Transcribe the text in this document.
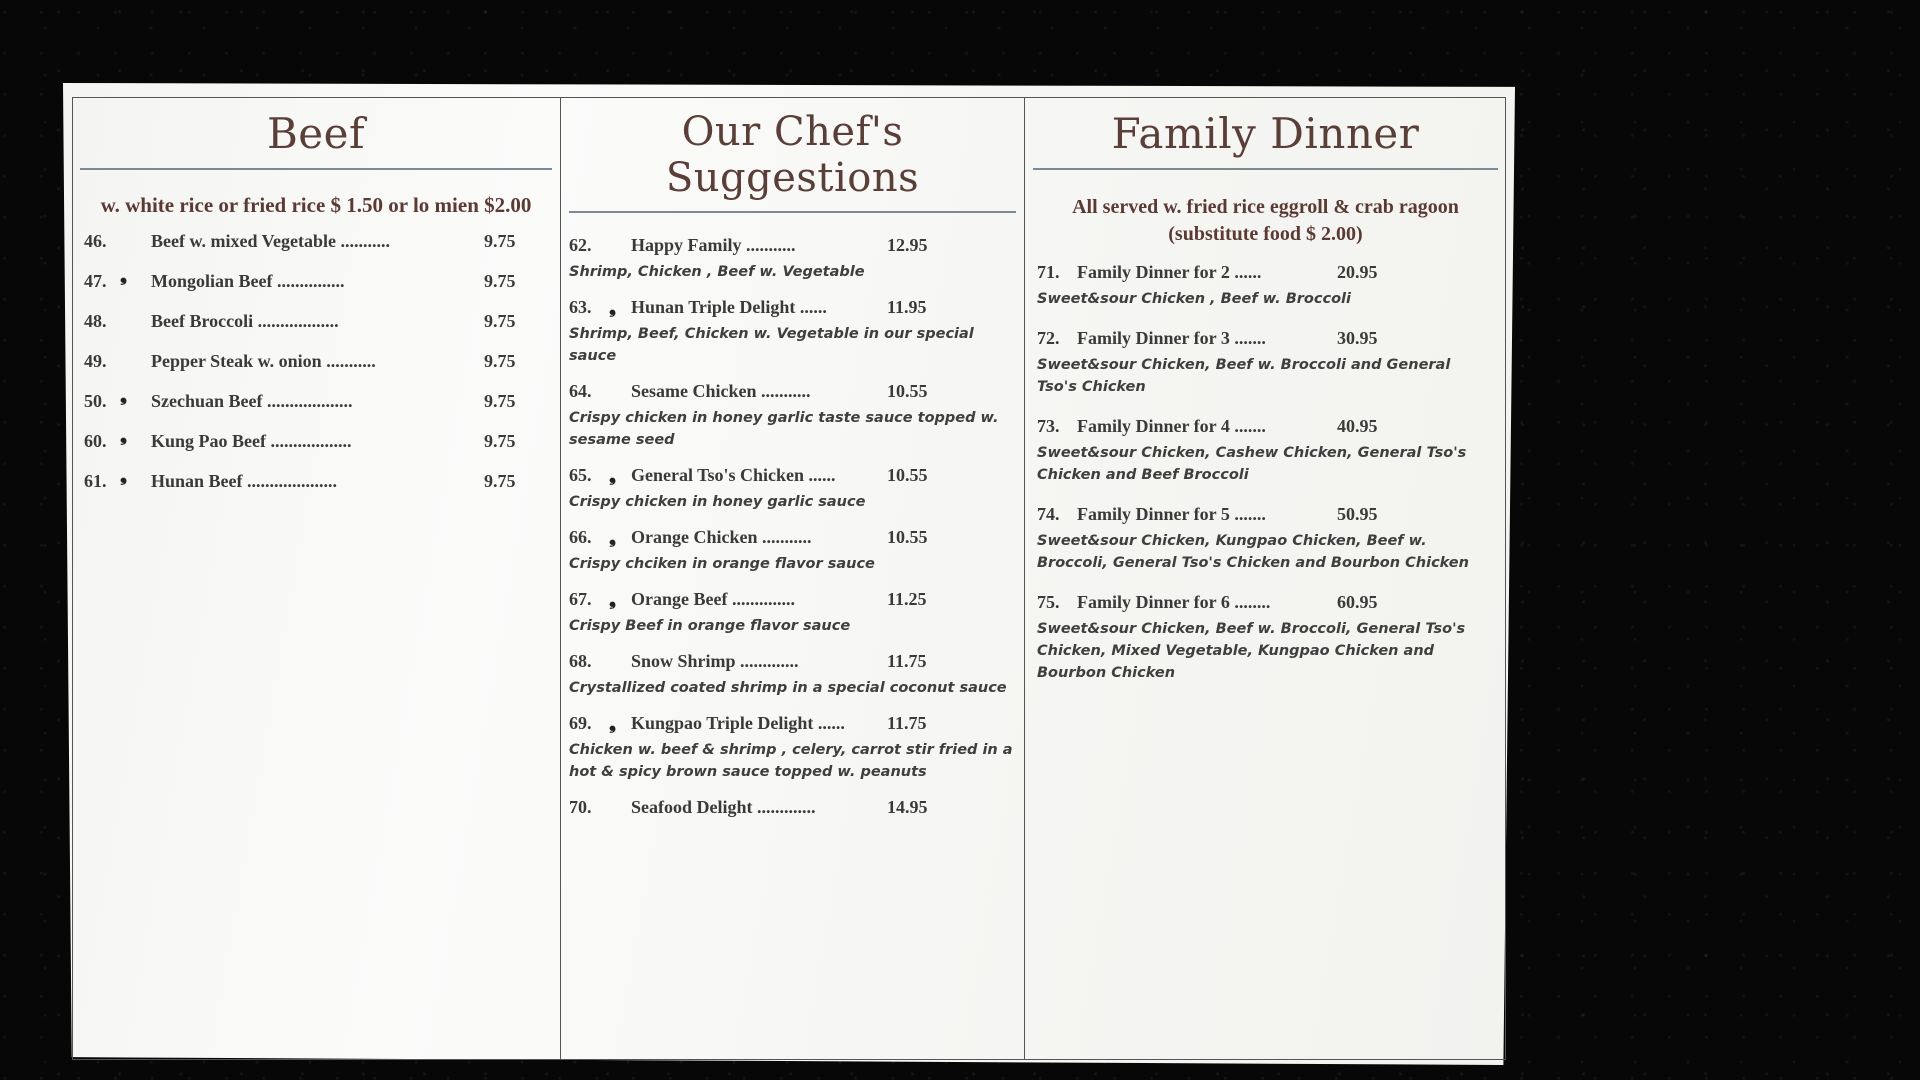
Beef
w. white rice or fried rice $ 1.50 or lo mien $2.00
46. Beef w. mixed Vegetable ...........	9.75
47. ❟ Mongolian Beef ...............	9.75
48. Beef Broccoli ..................	9.75
49. Pepper Steak w. onion ...........	9.75
50. ❟ Szechuan Beef ...................	9.75
60. ❟ Kung Pao Beef ..................	9.75
61. ❟ Hunan Beef ....................	9.75
Our Chef's Suggestions
62. Happy Family ...........	12.95
Shrimp, Chicken , Beef w. Vegetable
63. ❟ Hunan Triple Delight ......	11.95
Shrimp, Beef, Chicken w. Vegetable in our special sauce
64. Sesame Chicken ...........	10.55
Crispy chicken in honey garlic taste sauce topped w. sesame seed
65. ❟ General Tso's Chicken ......	10.55
Crispy chicken in honey garlic sauce
66. ❟ Orange Chicken ...........	10.55
Crispy chciken in orange flavor sauce
67. ❟ Orange Beef ..............	11.25
Crispy Beef in orange flavor sauce
68. Snow Shrimp .............	11.75
Crystallized coated shrimp in a special coconut sauce
69. ❟ Kungpao Triple Delight ...... 11.75
Chicken w. beef & shrimp , celery, carrot stir fried in a hot & spicy brown sauce topped w. peanuts
70. Seafood Delight .............	14.95
Family Dinner
All served w. fried rice eggroll & crab ragoon (substitute food $ 2.00)
71. Family Dinner for 2 ......	20.95
Sweet&sour Chicken , Beef w. Broccoli
72. Family Dinner for 3 .......	30.95
Sweet&sour Chicken, Beef w. Broccoli and General Tso's Chicken
73. Family Dinner for 4 .......	40.95
Sweet&sour Chicken, Cashew Chicken, General Tso's Chicken and Beef Broccoli
74. Family Dinner for 5 .......	50.95
Sweet&sour Chicken, Kungpao Chicken, Beef w. Broccoli, General Tso's Chicken and Bourbon Chicken
75. Family Dinner for 6 ........	60.95
Sweet&sour Chicken, Beef w. Broccoli, General Tso's Chicken, Mixed Vegetable, Kungpao Chicken and Bourbon Chicken
